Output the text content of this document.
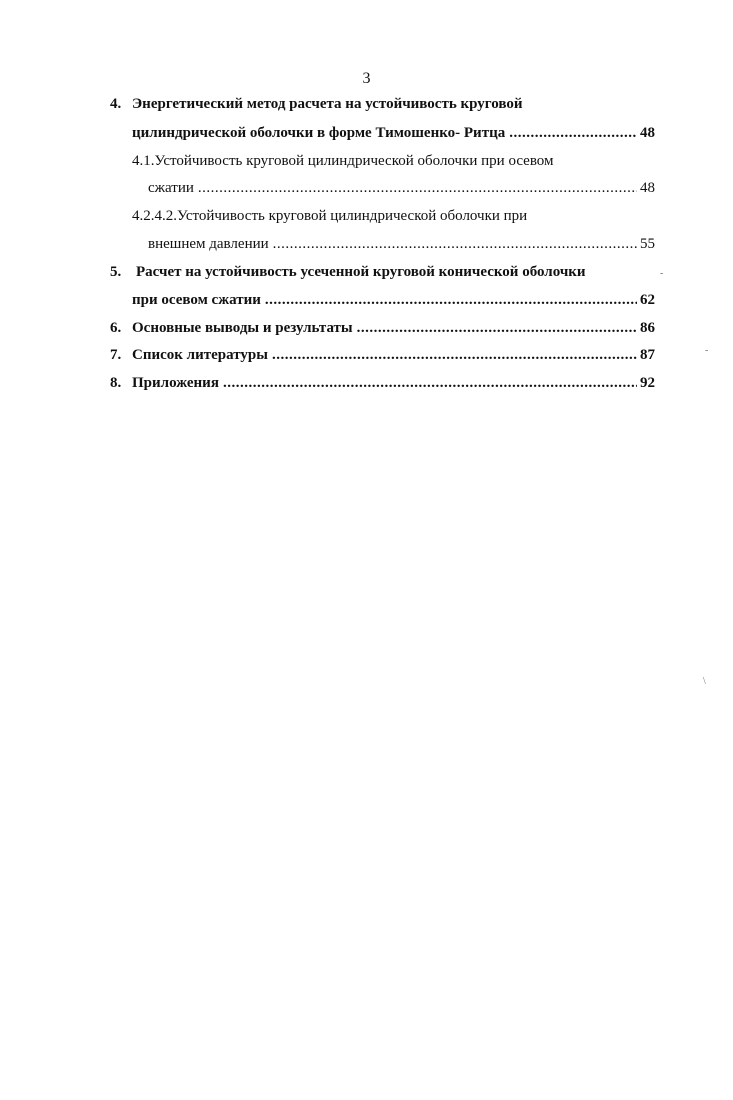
3
4. Энергетический метод расчета на устойчивость круговой
цилиндрической оболочки в форме Тимошенко- Ритца .....	48
4.1.Устойчивость круговой цилиндрической оболочки при осевом
сжатии .....	48
4.2.4.2.Устойчивость круговой цилиндрической оболочки при
внешнем давлении .....	55
5. Расчет на устойчивость усеченной круговой конической оболочки
при осевом сжатии .....	62
6. Основные выводы и результаты .....	86
7. Список литературы .....	87
8. Приложения .....	92
-
-
\
